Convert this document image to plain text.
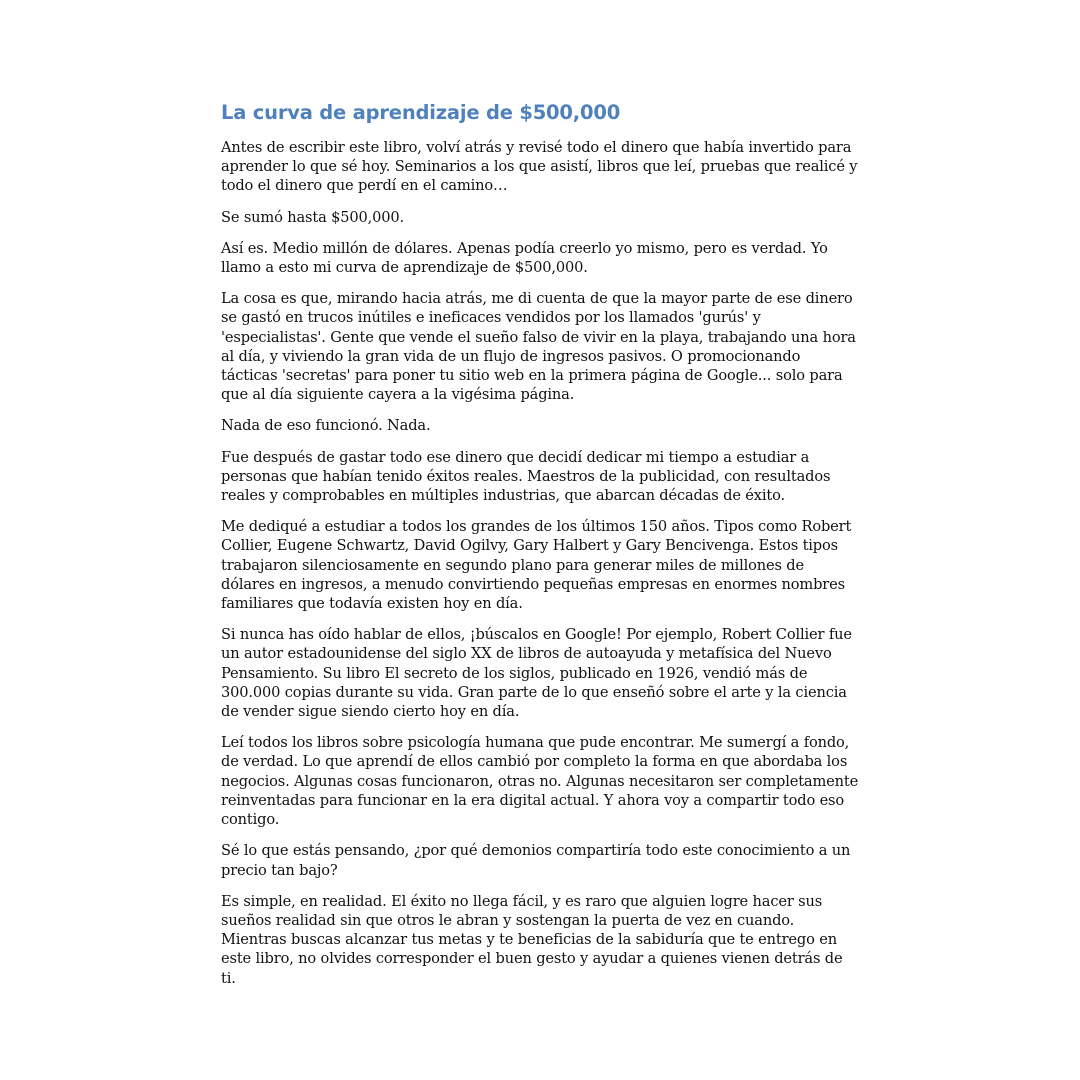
La curva de aprendizaje de $500,000

Antes de escribir este libro, volví atrás y revisé todo el dinero que había invertido para aprender lo que sé hoy. Seminarios a los que asistí, libros que leí, pruebas que realicé y todo el dinero que perdí en el camino…

Se sumó hasta $500,000.

Así es. Medio millón de dólares. Apenas podía creerlo yo mismo, pero es verdad. Yo llamo a esto mi curva de aprendizaje de $500,000.

La cosa es que, mirando hacia atrás, me di cuenta de que la mayor parte de ese dinero se gastó en trucos inútiles e ineficaces vendidos por los llamados 'gurús' y 'especialistas'. Gente que vende el sueño falso de vivir en la playa, trabajando una hora al día, y viviendo la gran vida de un flujo de ingresos pasivos. O promocionando tácticas 'secretas' para poner tu sitio web en la primera página de Google... solo para que al día siguiente cayera a la vigésima página.

Nada de eso funcionó. Nada.

Fue después de gastar todo ese dinero que decidí dedicar mi tiempo a estudiar a personas que habían tenido éxitos reales. Maestros de la publicidad, con resultados reales y comprobables en múltiples industrias, que abarcan décadas de éxito.

Me dediqué a estudiar a todos los grandes de los últimos 150 años. Tipos como Robert Collier, Eugene Schwartz, David Ogilvy, Gary Halbert y Gary Bencivenga. Estos tipos trabajaron silenciosamente en segundo plano para generar miles de millones de dólares en ingresos, a menudo convirtiendo pequeñas empresas en enormes nombres familiares que todavía existen hoy en día.

Si nunca has oído hablar de ellos, ¡búscalos en Google! Por ejemplo, Robert Collier fue un autor estadounidense del siglo XX de libros de autoayuda y metafísica del Nuevo Pensamiento. Su libro El secreto de los siglos, publicado en 1926, vendió más de 300.000 copias durante su vida. Gran parte de lo que enseñó sobre el arte y la ciencia de vender sigue siendo cierto hoy en día.

Leí todos los libros sobre psicología humana que pude encontrar. Me sumergí a fondo, de verdad. Lo que aprendí de ellos cambió por completo la forma en que abordaba los negocios. Algunas cosas funcionaron, otras no. Algunas necesitaron ser completamente reinventadas para funcionar en la era digital actual. Y ahora voy a compartir todo eso contigo.

Sé lo que estás pensando, ¿por qué demonios compartiría todo este conocimiento a un precio tan bajo?

Es simple, en realidad. El éxito no llega fácil, y es raro que alguien logre hacer sus sueños realidad sin que otros le abran y sostengan la puerta de vez en cuando. Mientras buscas alcanzar tus metas y te beneficias de la sabiduría que te entrego en este libro, no olvides corresponder el buen gesto y ayudar a quienes vienen detrás de ti.
